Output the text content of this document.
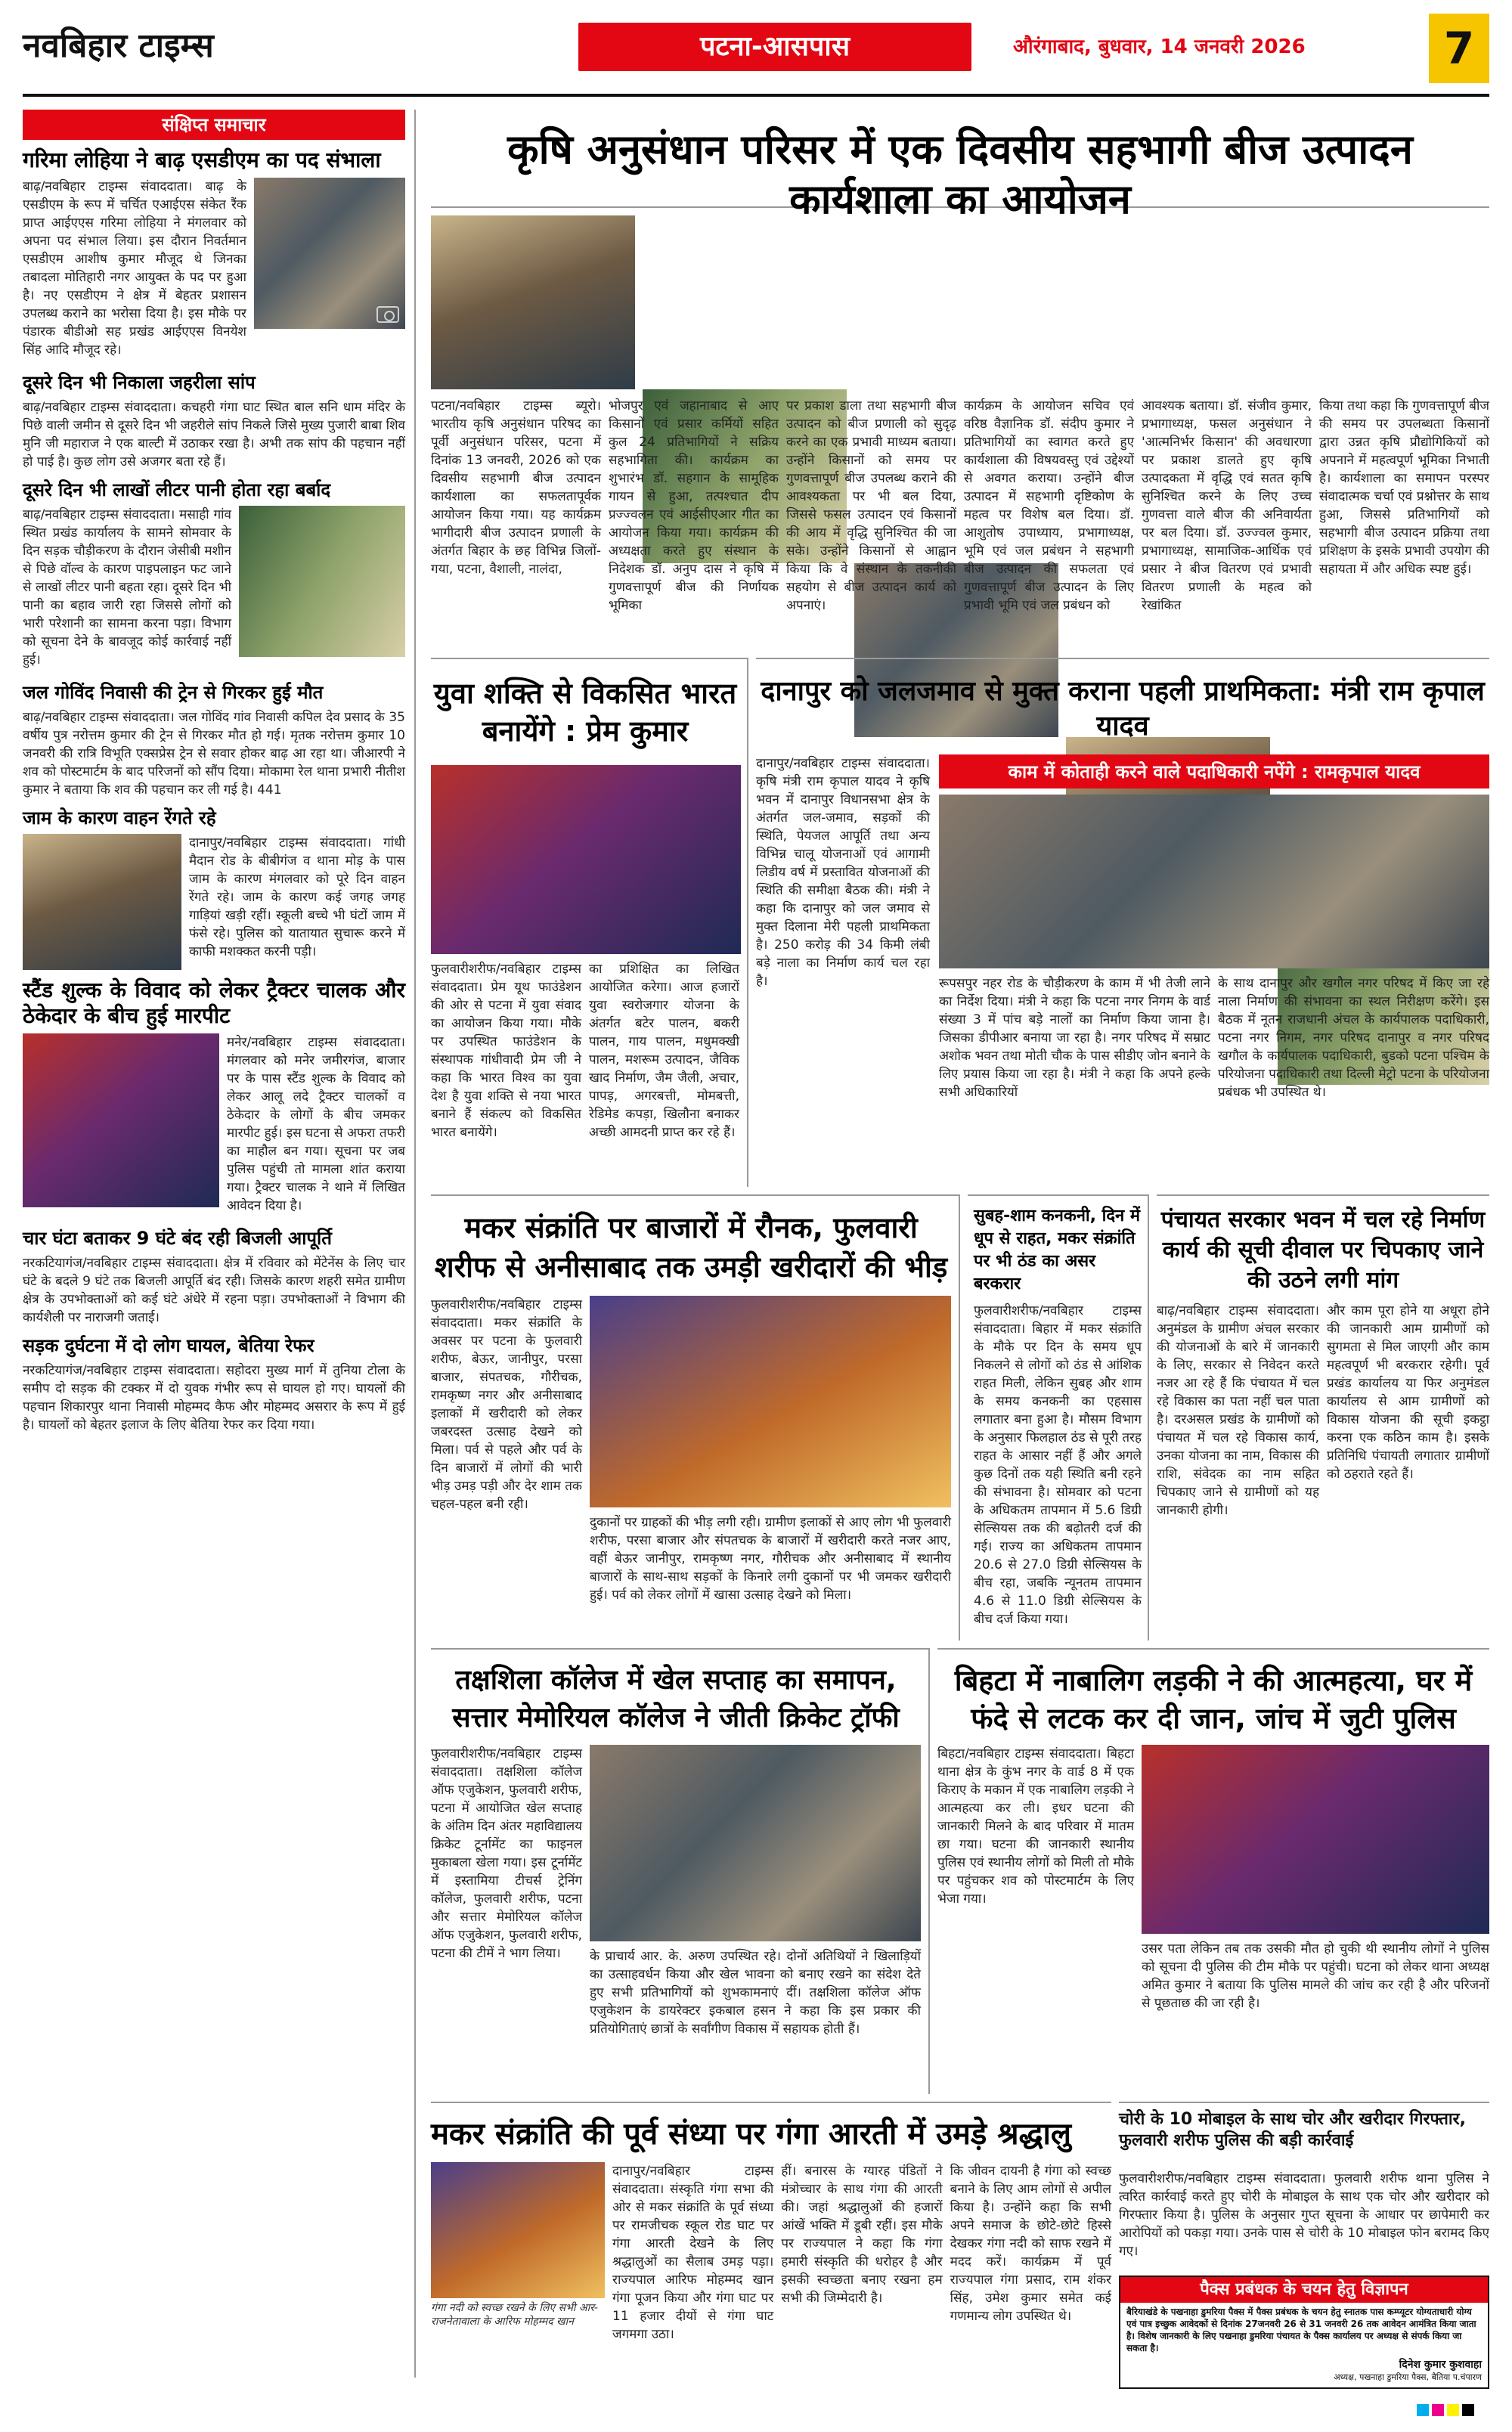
नवबिहार टाइम्स	पटना-आसपास	औरंगाबाद, बुधवार, 14 जनवरी 2026	7
संक्षिप्त समाचार
गरिमा लोहिया ने बाढ़ एसडीएम का पद संभाला

बाढ़/नवबिहार टाइम्स संवाददाता। बाढ़ के एसडीएम के रूप में चर्चित एआईएस संकेत रैंक प्राप्त आईएएस गरिमा लोहिया ने मंगलवार को अपना पद संभाल लिया। इस दौरान निवर्तमान एसडीएम आशीष कुमार मौजूद थे जिनका तबादला मोतिहारी नगर आयुक्त के पद पर हुआ है। नए एसडीएम ने क्षेत्र में बेहतर प्रशासन उपलब्ध कराने का भरोसा दिया है। इस मौके पर पंडारक बीडीओ सह प्रखंड आईएएस विनयेश सिंह आदि मौजूद रहे।

दूसरे दिन भी निकाला जहरीला सांप

बाढ़/नवबिहार टाइम्स संवाददाता। कचहरी गंगा घाट स्थित बाल सनि धाम मंदिर के पिछे वाली जमीन से दूसरे दिन भी जहरीले सांप निकले जिसे मुख्य पुजारी बाबा शिव मुनि जी महाराज ने एक बाल्टी में उठाकर रखा है। अभी तक सांप की पहचान नहीं हो पाई है। कुछ लोग उसे अजगर बता रहे हैं।

दूसरे दिन भी लाखों लीटर पानी होता रहा बर्बाद

बाढ़/नवबिहार टाइम्स संवाददाता। मसाही गांव स्थित प्रखंड कार्यालय के सामने सोमवार के दिन सड़क चौड़ीकरण के दौरान जेसीबी मशीन से पिछे वॉल्व के कारण पाइपलाइन फट जाने से लाखों लीटर पानी बहता रहा। दूसरे दिन भी पानी का बहाव जारी रहा जिससे लोगों को भारी परेशानी का सामना करना पड़ा। विभाग को सूचना देने के बावजूद कोई कार्रवाई नहीं हुई।

जल गोविंद निवासी की ट्रेन से गिरकर हुई मौत

बाढ़/नवबिहार टाइम्स संवाददाता। जल गोविंद गांव निवासी कपिल देव प्रसाद के 35 वर्षीय पुत्र नरोत्तम कुमार की ट्रेन से गिरकर मौत हो गई। मृतक नरोत्तम कुमार 10 जनवरी की रात्रि विभूति एक्सप्रेस ट्रेन से सवार होकर बाढ़ आ रहा था। जीआरपी ने शव को पोस्टमार्टम के बाद परिजनों को सौंप दिया। मोकामा रेल थाना प्रभारी नीतीश कुमार ने बताया कि शव की पहचान कर ली गई है। 441

जाम के कारण वाहन रेंगते रहे

दानापुर/नवबिहार टाइम्स संवाददाता। गांधी मैदान रोड के बीबीगंज व थाना मोड़ के पास जाम के कारण मंगलवार को पूरे दिन वाहन रेंगते रहे। जाम के कारण कई जगह जगह गाड़ियां खड़ी रहीं। स्कूली बच्चे भी घंटों जाम में फंसे रहे। पुलिस को यातायात सुचारू करने में काफी मशक्कत करनी पड़ी।

स्टैंड शुल्क के विवाद को लेकर ट्रैक्टर चालक और ठेकेदार के बीच हुई मारपीट

मनेर/नवबिहार टाइम्स संवाददाता। मंगलवार को मनेर जमीरगंज, बाजार पर के पास स्टैंड शुल्क के विवाद को लेकर आलू लदे ट्रैक्टर चालकों व ठेकेदार के लोगों के बीच जमकर मारपीट हुई। इस घटना से अफरा तफरी का माहौल बन गया। सूचना पर जब पुलिस पहुंची तो मामला शांत कराया गया। ट्रैक्टर चालक ने थाने में लिखित आवेदन दिया है।

चार घंटा बताकर 9 घंटे बंद रही बिजली आपूर्ति

नरकटियागंज/नवबिहार टाइम्स संवाददाता। क्षेत्र में रविवार को मेंटेनेंस के लिए चार घंटे के बदले 9 घंटे तक बिजली आपूर्ति बंद रही। जिसके कारण शहरी समेत ग्रामीण क्षेत्र के उपभोक्ताओं को कई घंटे अंधेरे में रहना पड़ा। उपभोक्ताओं ने विभाग की कार्यशैली पर नाराजगी जताई।

सड़क दुर्घटना में दो लोग घायल, बेतिया रेफर

नरकटियागंज/नवबिहार टाइम्स संवाददाता। सहोदरा मुख्य मार्ग में तुनिया टोला के समीप दो सड़क की टक्कर में दो युवक गंभीर रूप से घायल हो गए। घायलों की पहचान शिकारपुर थाना निवासी मोहम्मद कैफ और मोहम्मद असरार के रूप में हुई है। घायलों को बेहतर इलाज के लिए बेतिया रेफर कर दिया गया।

कृषि अनुसंधान परिसर में एक दिवसीय सहभागी बीज उत्पादन कार्यशाला का आयोजन
पटना/नवबिहार टाइम्स ब्यूरो। भारतीय कृषि अनुसंधान परिषद का पूर्वी अनुसंधान परिसर, पटना में दिनांक 13 जनवरी, 2026 को एक दिवसीय सहभागी बीज उत्पादन कार्यशाला का सफलतापूर्वक आयोजन किया गया। यह कार्यक्रम भागीदारी बीज उत्पादन प्रणाली के अंतर्गत बिहार के छह विभिन्न जिलों- गया, पटना, वैशाली, नालंदा,
भोजपुर एवं जहानाबाद से आए किसानों एवं प्रसार कर्मियों सहित कुल 24 प्रतिभागियों ने सक्रिय सहभागिता की। कार्यक्रम का शुभारंभ डॉ. सहगान के सामूहिक गायन से हुआ, तत्पश्चात दीप प्रज्ज्वलन एवं आईसीएआर गीत का आयोजन किया गया। कार्यक्रम की अध्यक्षता करते हुए संस्थान के निदेशक डॉ. अनुप दास ने कृषि में गुणवत्तापूर्ण बीज की निर्णायक भूमिका
पर प्रकाश डाला तथा सहभागी बीज उत्पादन को बीज प्रणाली को सुदृढ़ करने का एक प्रभावी माध्यम बताया। उन्होंने किसानों को समय पर गुणवत्तापूर्ण बीज उपलब्ध कराने की आवश्यकता पर भी बल दिया, जिससे फसल उत्पादन एवं किसानों की आय में वृद्धि सुनिश्चित की जा सके। उन्होंने किसानों से आह्वान किया कि वे संस्थान के तकनीकी सहयोग से बीज उत्पादन कार्य को अपनाएं।
कार्यक्रम के आयोजन सचिव एवं वरिष्ठ वैज्ञानिक डॉ. संदीप कुमार ने प्रतिभागियों का स्वागत करते हुए कार्यशाला की विषयवस्तु एवं उद्देश्यों से अवगत कराया। उन्होंने बीज उत्पादन में सहभागी दृष्टिकोण के महत्व पर विशेष बल दिया। डॉ. आशुतोष उपाध्याय, प्रभागाध्यक्ष, भूमि एवं जल प्रबंधन ने सहभागी बीज उत्पादन की सफलता एवं गुणवत्तापूर्ण बीज उत्पादन के लिए प्रभावी भूमि एवं जल प्रबंधन को
आवश्यक बताया। डॉ. संजीव कुमार, प्रभागाध्यक्ष, फसल अनुसंधान ने 'आत्मनिर्भर किसान' की अवधारणा पर प्रकाश डालते हुए कृषि उत्पादकता में वृद्धि एवं सतत कृषि सुनिश्चित करने के लिए उच्च गुणवत्ता वाले बीज की अनिवार्यता पर बल दिया। डॉ. उज्ज्वल कुमार, प्रभागाध्यक्ष, सामाजिक-आर्थिक एवं प्रसार ने बीज वितरण एवं प्रभावी वितरण प्रणाली के महत्व को रेखांकित
किया तथा कहा कि गुणवत्तापूर्ण बीज की समय पर उपलब्धता किसानों द्वारा उन्नत कृषि प्रौद्योगिकियों को अपनाने में महत्वपूर्ण भूमिका निभाती है। कार्यशाला का समापन परस्पर संवादात्मक चर्चा एवं प्रश्नोत्तर के साथ हुआ, जिससे प्रतिभागियों को सहभागी बीज उत्पादन प्रक्रिया तथा प्रशिक्षण के इसके प्रभावी उपयोग की सहायता में और अधिक स्पष्ट हुई।
युवा शक्ति से विकसित भारत बनायेंगे : प्रेम कुमार
फुलवारीशरीफ/नवबिहार टाइम्स संवाददाता। प्रेम यूथ फाउंडेशन की ओर से पटना में युवा संवाद का आयोजन किया गया। मौके पर उपस्थित फाउंडेशन के संस्थापक गांधीवादी प्रेम जी ने कहा कि भारत विश्व का युवा देश है युवा शक्ति से नया भारत बनाने हैं संकल्प को विकसित भारत बनायेंगे।
का प्रशिक्षित का लिखित आयोजित करेगा। आज हजारों युवा स्वरोजगार योजना के अंतर्गत बटेर पालन, बकरी पालन, गाय पालन, मधुमक्खी पालन, मशरूम उत्पादन, जैविक खाद निर्माण, जैम जैली, अचार, पापड़, अगरबत्ती, मोमबत्ती, रेडिमेड कपड़ा, खिलौना बनाकर अच्छी आमदनी प्राप्त कर रहे हैं।
दानापुर को जलजमाव से मुक्त कराना पहली प्राथमिकता: मंत्री राम कृपाल यादव
दानापुर/नवबिहार टाइम्स संवाददाता। कृषि मंत्री राम कृपाल यादव ने कृषि भवन में दानापुर विधानसभा क्षेत्र के अंतर्गत जल-जमाव, सड़कों की स्थिति, पेयजल आपूर्ति तथा अन्य विभिन्न चालू योजनाओं एवं आगामी लिडीय वर्ष में प्रस्तावित योजनाओं की स्थिति की समीक्षा बैठक की। मंत्री ने कहा कि दानापुर को जल जमाव से मुक्त दिलाना मेरी पहली प्राथमिकता है। 250 करोड़ की 34 किमी लंबी बड़े नाला का निर्माण कार्य चल रहा है।
काम में कोताही करने वाले पदाधिकारी नपेंगे : रामकृपाल यादव
रूपसपुर नहर रोड के चौड़ीकरण के काम में भी तेजी लाने का निर्देश दिया। मंत्री ने कहा कि पटना नगर निगम के वार्ड संख्या 3 में पांच बड़े नालों का निर्माण किया जाना है। जिसका डीपीआर बनाया जा रहा है। नगर परिषद में सम्राट अशोक भवन तथा मोती चौक के पास सीडीए जोन बनाने के लिए प्रयास किया जा रहा है। मंत्री ने कहा कि अपने हल्के सभी अधिकारियों
के साथ दानापुर और खगौल नगर परिषद में किए जा रहे नाला निर्माण की संभावना का स्थल निरीक्षण करेंगे। इस बैठक में नूतन राजधानी अंचल के कार्यपालक पदाधिकारी, पटना नगर निगम, नगर परिषद दानापुर व नगर परिषद खगौल के कार्यपालक पदाधिकारी, बुडको पटना पश्चिम के परियोजना पदाधिकारी तथा दिल्ली मेट्रो पटना के परियोजना प्रबंधक भी उपस्थित थे।
मकर संक्रांति पर बाजारों में रौनक, फुलवारी शरीफ से अनीसाबाद तक उमड़ी खरीदारों की भीड़
फुलवारीशरीफ/नवबिहार टाइम्स संवाददाता। मकर संक्रांति के अवसर पर पटना के फुलवारी शरीफ, बेऊर, जानीपुर, परसा बाजार, संपतचक, गौरीचक, रामकृष्ण नगर और अनीसाबाद इलाकों में खरीदारी को लेकर जबरदस्त उत्साह देखने को मिला। पर्व से पहले और पर्व के दिन बाजारों में लोगों की भारी भीड़ उमड़ पड़ी और देर शाम तक चहल-पहल बनी रही।
दुकानों पर ग्राहकों की भीड़ लगी रही। ग्रामीण इलाकों से आए लोग भी फुलवारी शरीफ, परसा बाजार और संपतचक के बाजारों में खरीदारी करते नजर आए, वहीं बेऊर जानीपुर, रामकृष्ण नगर, गौरीचक और अनीसाबाद में स्थानीय बाजारों के साथ-साथ सड़कों के किनारे लगी दुकानों पर भी जमकर खरीदारी हुई। पर्व को लेकर लोगों में खासा उत्साह देखने को मिला।
सुबह-शाम कनकनी, दिन में धूप से राहत, मकर संक्रांति पर भी ठंड का असर बरकरार
फुलवारीशरीफ/नवबिहार टाइम्स संवाददाता। बिहार में मकर संक्रांति के मौके पर दिन के समय धूप निकलने से लोगों को ठंड से आंशिक राहत मिली, लेकिन सुबह और शाम के समय कनकनी का एहसास लगातार बना हुआ है। मौसम विभाग के अनुसार फिलहाल ठंड से पूरी तरह राहत के आसार नहीं हैं और अगले कुछ दिनों तक यही स्थिति बनी रहने की संभावना है। सोमवार को पटना के अधिकतम तापमान में 5.6 डिग्री सेल्सियस तक की बढ़ोतरी दर्ज की गई। राज्य का अधिकतम तापमान 20.6 से 27.0 डिग्री सेल्सियस के बीच रहा, जबकि न्यूनतम तापमान 4.6 से 11.0 डिग्री सेल्सियस के बीच दर्ज किया गया।
पंचायत सरकार भवन में चल रहे निर्माण कार्य की सूची दीवाल पर चिपकाए जाने की उठने लगी मांग
बाढ़/नवबिहार टाइम्स संवाददाता। अनुमंडल के ग्रामीण अंचल सरकार की योजनाओं के बारे में जानकारी के लिए, सरकार से निवेदन करते नजर आ रहे हैं कि पंचायत में चल रहे विकास का पता नहीं चल पाता है। दरअसल प्रखंड के ग्रामीणों को पंचायत में चल रहे विकास कार्य, उनका योजना का नाम, विकास की राशि, संवेदक का नाम सहित चिपकाए जाने से ग्रामीणों को यह जानकारी होगी।
और काम पूरा होने या अधूरा होने की जानकारी आम ग्रामीणों को सुगमता से मिल जाएगी और काम महत्वपूर्ण भी बरकरार रहेगी। पूर्व प्रखंड कार्यालय या फिर अनुमंडल कार्यालय से आम ग्रामीणों को विकास योजना की सूची इकट्ठा करना एक कठिन काम है। इसके प्रतिनिधि पंचायती लगातार ग्रामीणों को ठहराते रहते हैं।
तक्षशिला कॉलेज में खेल सप्ताह का समापन, सत्तार मेमोरियल कॉलेज ने जीती क्रिकेट ट्रॉफी
फुलवारीशरीफ/नवबिहार टाइम्स संवाददाता। तक्षशिला कॉलेज ऑफ एजुकेशन, फुलवारी शरीफ, पटना में आयोजित खेल सप्ताह के अंतिम दिन अंतर महाविद्यालय क्रिकेट टूर्नामेंट का फाइनल मुकाबला खेला गया। इस टूर्नामेंट में इस्तामिया टीचर्स ट्रेनिंग कॉलेज, फुलवारी शरीफ, पटना और सत्तार मेमोरियल कॉलेज ऑफ एजुकेशन, फुलवारी शरीफ, पटना की टीमें ने भाग लिया।	के प्राचार्य आर. के. अरुण उपस्थित रहे। दोनों अतिथियों ने खिलाड़ियों का उत्साहवर्धन किया और खेल भावना को बनाए रखने का संदेश देते हुए सभी प्रतिभागियों को शुभकामनाएं दीं। तक्षशिला कॉलेज ऑफ एजुकेशन के डायरेक्टर इकबाल हसन ने कहा कि इस प्रकार की प्रतियोगिताएं छात्रों के सर्वांगीण विकास में सहायक होती हैं।
बिहटा में नाबालिग लड़की ने की आत्महत्या, घर में फंदे से लटक कर दी जान, जांच में जुटी पुलिस
बिहटा/नवबिहार टाइम्स संवाददाता। बिहटा थाना क्षेत्र के कुंभ नगर के वार्ड 8 में एक किराए के मकान में एक नाबालिग लड़की ने आत्महत्या कर ली। इधर घटना की जानकारी मिलने के बाद परिवार में मातम छा गया। घटना की जानकारी स्थानीय पुलिस एवं स्थानीय लोगों को मिली तो मौके पर पहुंचकर शव को पोस्टमार्टम के लिए भेजा गया।
उसर पता लेकिन तब तक उसकी मौत हो चुकी थी स्थानीय लोगों ने पुलिस को सूचना दी पुलिस की टीम मौके पर पहुंची। घटना को लेकर थाना अध्यक्ष अमित कुमार ने बताया कि पुलिस मामले की जांच कर रही है और परिजनों से पूछताछ की जा रही है।
मकर संक्रांति की पूर्व संध्या पर गंगा आरती में उमड़े श्रद्धालु
गंगा नदी को स्वच्छ रखने के लिए सभी आर-राजनेतावाला के आरिफ मोहम्मद खान
दानापुर/नवबिहार टाइम्स संवाददाता। संस्कृति गंगा सभा की ओर से मकर संक्रांति के पूर्व संध्या पर रामजीचक स्कूल रोड घाट पर गंगा आरती देखने के लिए श्रद्धालुओं का सैलाब उमड़ पड़ा। राज्यपाल आरिफ मोहम्मद खान गंगा पूजन किया और गंगा घाट पर 11 हजार दीयों से गंगा घाट जगमगा उठा।
हीं। बनारस के ग्यारह पंडितों ने मंत्रोच्चार के साथ गंगा की आरती की। जहां श्रद्धालुओं की हजारों आंखें भक्ति में डूबी रहीं। इस मौके पर राज्यपाल ने कहा कि गंगा हमारी संस्कृति की धरोहर है और इसकी स्वच्छता बनाए रखना हम सभी की जिम्मेदारी है।
कि जीवन दायनी है गंगा को स्वच्छ बनाने के लिए आम लोगों से अपील किया है। उन्होंने कहा कि सभी अपने समाज के छोटे-छोटे हिस्से देखकर गंगा नदी को साफ रखने में मदद करें। कार्यक्रम में पूर्व राज्यपाल गंगा प्रसाद, राम शंकर सिंह, उमेश कुमार समेत कई गणमान्य लोग उपस्थित थे।
चोरी के 10 मोबाइल के साथ चोर और खरीदार गिरफ्तार, फुलवारी शरीफ पुलिस की बड़ी कार्रवाई
फुलवारीशरीफ/नवबिहार टाइम्स संवाददाता। फुलवारी शरीफ थाना पुलिस ने त्वरित कार्रवाई करते हुए चोरी के मोबाइल के साथ एक चोर और खरीदार को गिरफ्तार किया है। पुलिस के अनुसार गुप्त सूचना के आधार पर छापेमारी कर आरोपियों को पकड़ा गया। उनके पास से चोरी के 10 मोबाइल फोन बरामद किए गए।
पैक्स प्रबंधक के चयन हेतु विज्ञापन
बैरियाखंडे के पखनाहा डुमरिया पैक्स में पैक्स प्रबंधक के चयन हेतु स्नातक पास कम्प्यूटर योग्यताधारी योग्य एवं पात्र इच्छुक आवेदकों से दिनांक 27जनवरी 26 से 31 जनवरी 26 तक आवेदन आमंत्रित किया जाता है। विशेष जानकारी के लिए पखनाहा डुमरिया पंचायत के पैक्स कार्यालय पर अध्यक्ष से संपर्क किया जा सकता है।
दिनेश कुमार कुशवाहा
अध्यक्ष, पखनाहा डुमरिया पैक्स, बैतिया प.चंपारण
